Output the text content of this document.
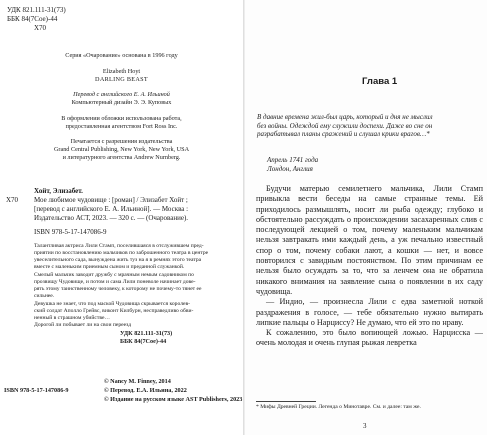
УДК 821.111-31(73)
ББК 84(7Сое)-44
Х70
Серия «Очарование» основана в 1996 году
Elizabeth Hoyt
DARLING BEAST
Перевод с английского Е. А. Ильиной
Компьютерный дизайн Э. Э. Куповых
В оформлении обложки использована работа,
предоставленная агентством Fort Ross Inc.
Печатается с разрешения издательства
Grand Central Publishing, New York, New York, USA
и литературного агентства Andrew Nurnberg.
Х70
Хойт, Элизабет.
Мое любимое чудовище : [роман] / Элизабет Хойт ;
[перевод с английского Е. А. Ильиной]. — Москва :
Издательство АСТ, 2023. — 320 с. — (Очарование).
ISBN 978-5-17-147086-9
Талантливая актриса Лили Стамп, поселившаяся в отслужившем пред-
приятии по восстановлению мальчиков по заброшенного театра в центре
увеселительного сада, вынуждена жить туз на я в ремнях этого театра
вместе с маленьким приемным сыном и преданной служанкой.
Смелый мальчик заводит дружбу с мрачным немым садовником по
прозвищу Чудовище, и потом и сама Лили поневоле начинает дове-
рять этому таинственному человеку, к которому не почему-то тянет ее
сильнее.
Девушка не знает, что под маской Чудовища скрывается королев-
ский солдат Аполло Грейвс, виконт Килбурн, несправедливо обви-
ненный в страшном убийстве…
Дорогой ли побывает ли на свои переезд
УДК 821.111-31(73)
ББК 84(7Сое)-44
ISBN 978-5-17-147086-9
© Nancy M. Finney, 2014
© Перевод. Е.А. Ильина, 2022
© Издание на русском языке AST Publishers, 2023
Глава 1
В давние времена жил-был царь, который и дня не мыслил
без войны. Одеждой ему служили доспехи. Даже во сне он
разрабатывал планы сражений и слушал крики врагов…*
Апрель 1741 года
Лондон, Англия

Будучи матерью семилетнего мальчика, Лили Стамп привыкла вести беседы на самые странные темы. Ей приходилось размышлять, носит ли рыба одежду; глубоко и обстоятельно рассуждать о происхождении засахаренных слив с последующей лекцией о том, почему маленьким мальчикам нельзя завтракать ими каждый день, а уж печально известный спор о том, почему собаки лают, а кошки — нет, и вовсе повторился с завидным постоянством. По этим причинам ее нельзя было осуждать за то, что за ленчем она не обратила никакого внимания на заявление сына о появлении в их саду чудовища.

— Индио, — произнесла Лили с едва заметной ноткой раздражения в голосе, — тебе обязательно нужно вытирать липкие пальцы о Нарциссу? Не думаю, что ей это по нраву.

К сожалению, это было вопиющей ложью. Нарцисска — очень молодая и очень глупая рыжая левретка

* Мифы Древней Греции. Легенда о Минотавре. См. и далее: там же.
3
